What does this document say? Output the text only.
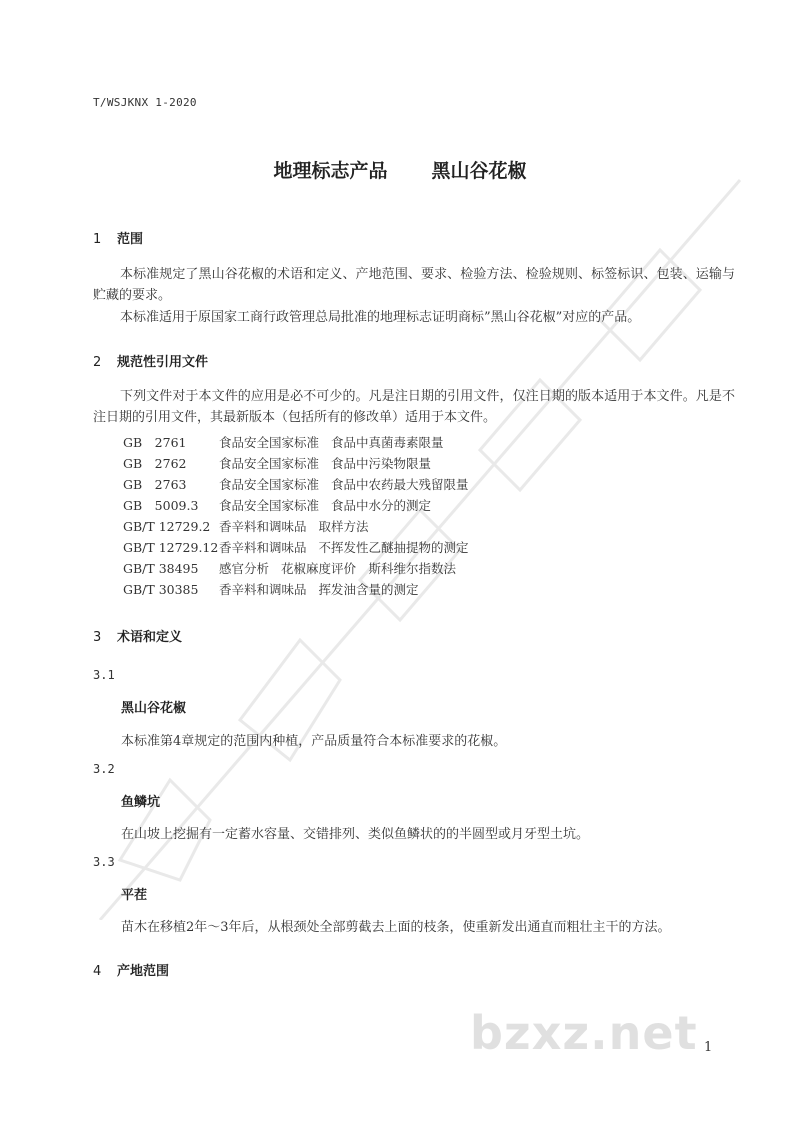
T/WSJKNX 1-2020
地理标志产品 黑山谷花椒
1 范围
本标准规定了黑山谷花椒的术语和定义、产地范围、要求、检验方法、检验规则、标签标识、包装、运输与贮藏的要求。
本标准适用于原国家工商行政管理总局批准的地理标志证明商标”黑山谷花椒”对应的产品。
2 规范性引用文件
下列文件对于本文件的应用是必不可少的。凡是注日期的引用文件，仅注日期的版本适用于本文件。凡是不注日期的引用文件，其最新版本（包括所有的修改单）适用于本文件。
GB　2761	食品安全国家标准 食品中真菌毒素限量
GB　2762	食品安全国家标准 食品中污染物限量
GB　2763	食品安全国家标准 食品中农药最大残留限量
GB　5009.3 食品安全国家标准 食品中水分的测定
GB/T 12729.2 香辛料和调味品 取样方法
GB/T 12729.12香辛料和调味品 不挥发性乙醚抽提物的测定
GB/T 38495 感官分析 花椒麻度评价　斯科维尔指数法
GB/T 30385 香辛料和调味品 挥发油含量的测定
3 术语和定义
3.1
黑山谷花椒
本标准第4章规定的范围内种植，产品质量符合本标准要求的花椒。
3.2
鱼鳞坑
在山坡上挖掘有一定蓄水容量、交错排列、类似鱼鳞状的的半圆型或月牙型土坑。
3.3
平茬
苗木在移植2年～3年后，从根颈处全部剪截去上面的枝条，使重新发出通直而粗壮主干的方法。
4 产地范围
bzxz.net 1
